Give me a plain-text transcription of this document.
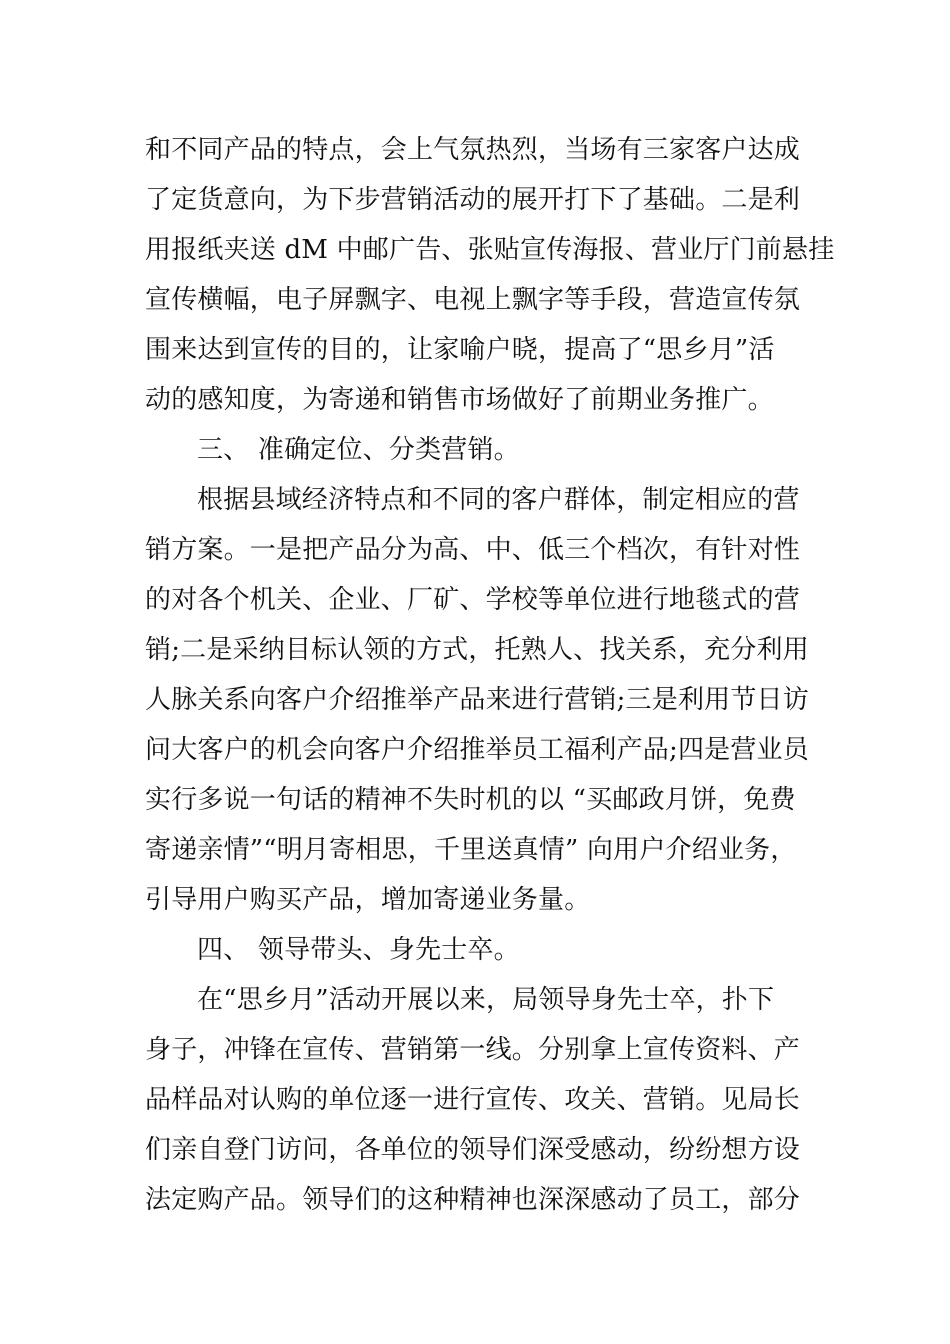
和不同产品的特点，会上气氛热烈，当场有三家客户达成
了定货意向，为下步营销活动的展开打下了基础。二是利
用报纸夹送 dM 中邮广告、张贴宣传海报、营业厅门前悬挂
宣传横幅，电子屏飘字、电视上飘字等手段，营造宣传氛
围来达到宣传的目的，让家喻户晓，提高了“思乡月”活
动的感知度，为寄递和销售市场做好了前期业务推广。
三、 准确定位、分类营销。
根据县域经济特点和不同的客户群体，制定相应的营
销方案。一是把产品分为高、中、低三个档次，有针对性
的对各个机关、企业、厂矿、学校等单位进行地毯式的营
销;二是采纳目标认领的方式，托熟人、找关系，充分利用
人脉关系向客户介绍推举产品来进行营销;三是利用节日访
问大客户的机会向客户介绍推举员工福利产品;四是营业员
实行多说一句话的精神不失时机的以 “买邮政月饼，免费
寄递亲情”“明月寄相思，千里送真情” 向用户介绍业务，
引导用户购买产品，增加寄递业务量。
四、 领导带头、身先士卒。
在“思乡月”活动开展以来，局领导身先士卒，扑下
身子，冲锋在宣传、营销第一线。分别拿上宣传资料、产
品样品对认购的单位逐一进行宣传、攻关、营销。见局长
们亲自登门访问，各单位的领导们深受感动，纷纷想方设
法定购产品。领导们的这种精神也深深感动了员工，部分
